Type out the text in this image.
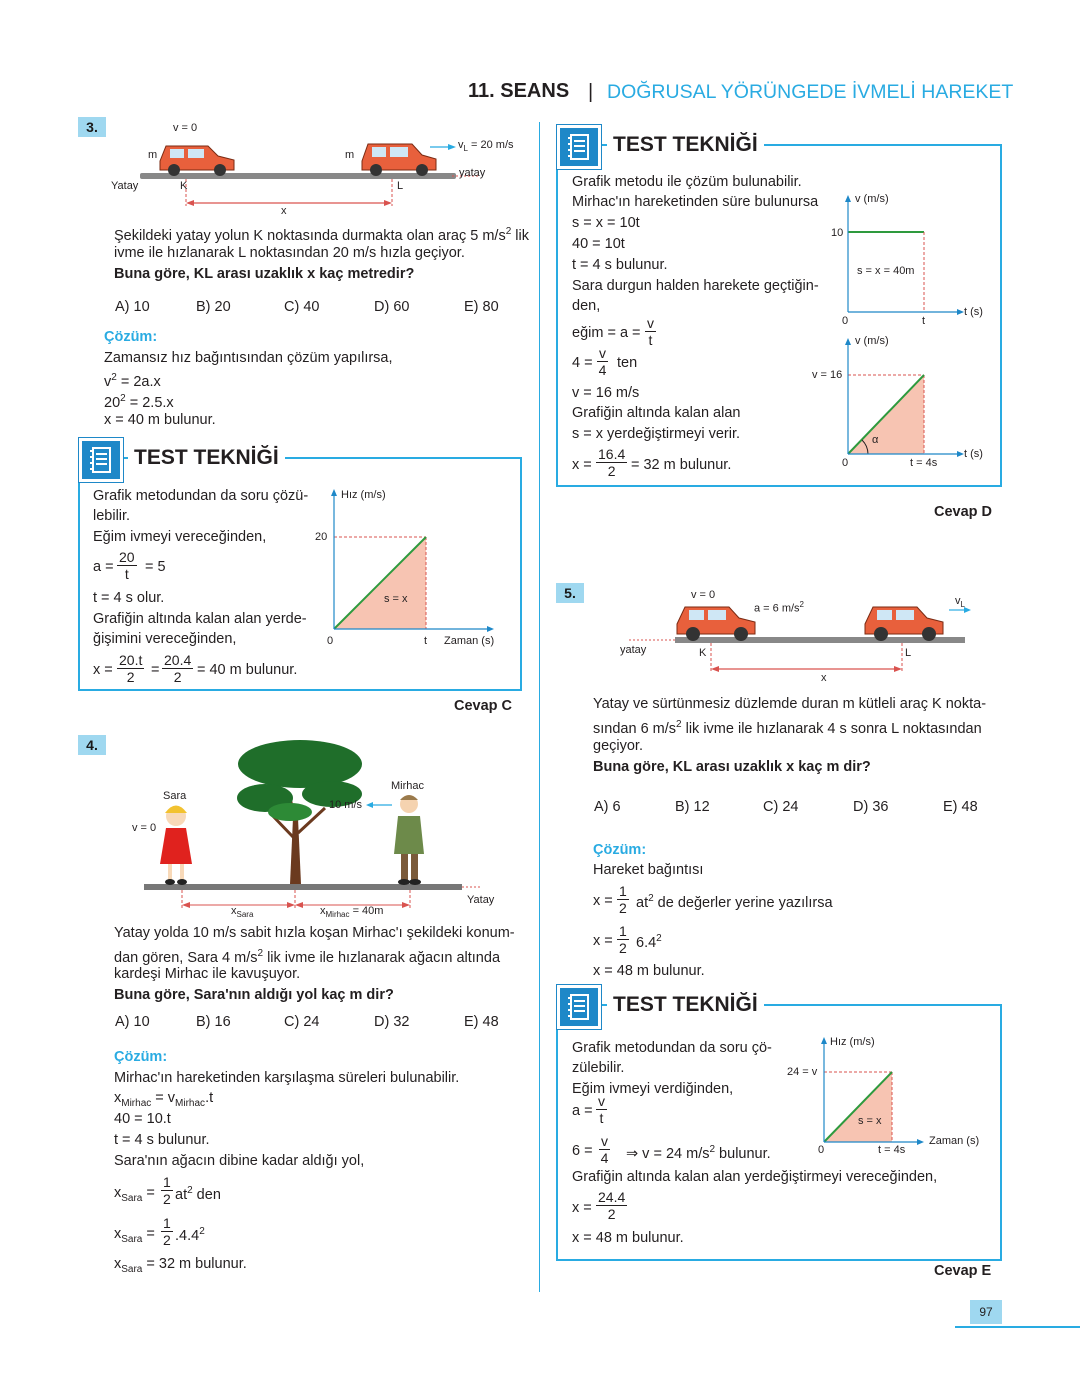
11. SEANS | DOĞRUSAL YÖRÜNGEDE İVMELİ HAREKET
3.	v = 0
m	m
$v_L = 20$ m/s
yatay
Yatay	K	L
x
Şekildeki yatay yolun K noktasında durmakta olan araç 5 $m/s^2$ lik
ivme ile hızlanarak L noktasından 20 m/s hızla geçiyor.
Buna göre, KL arası uzaklık x kaç metredir?
A) 10	B) 20	C) 40	D) 60	E) 80
Çözüm:
Zamansız hız bağıntısından çözüm yapılırsa,
$v^2 = 2a.x$
$20^2 = 2.5.x$
x = 40 m bulunur.
TEST TEKNİĞİ
Grafik metodundan da soru çözü-
lebilir.
Eğim ivmeyi vereceğinden,
$a = \frac{20}{t} = 5$
t = 4 s olur.
Grafiğin altında kalan alan yerde-
ğişimini vereceğinden,
$x = \frac{20.t}{2} = \frac{20.4}{2} = 40$ m bulunur.
Hız (m/s)
20
s = x
0	t Zaman (s)
Cevap C
4.
Sara
Mirhac
v = 0
10 m/s
Yatay
$x_{Sara}$	$x_{Mirhac} = 40m$
Yatay yolda 10 m/s sabit hızla koşan Mirhac'ı şekildeki konum-
dan gören, Sara 4 $m/s^2$ lik ivme ile hızlanarak ağacın altında
kardeşi Mirhac ile kavuşuyor.
Buna göre, Sara'nın aldığı yol kaç m dir?
A) 10	B) 16	C) 24	D) 32	E) 48
Çözüm:
Mirhac'ın hareketinden karşılaşma süreleri bulunabilir.
$x_{Mirhac} = v_{Mirhac}.t$
40 = 10.t
t = 4 s bulunur.
Sara'nın ağacın dibine kadar aldığı yol,
$x_{Sara} = \frac{1}{2} at^2$ den
$x_{Sara} = \frac{1}{2} .4.4^2$
$x_{Sara} = 32$ m bulunur.
TEST TEKNİĞİ
Grafik metodu ile çözüm bulunabilir.
Mirhac'ın hareketinden süre bulunursa
s = x = 10t
40 = 10t
t = 4 s bulunur.
Sara durgun halden harekete geçtiğin-
den,
eğim = $a = \frac{v}{t}$
$4 = \frac{v}{4}$ ten
v = 16 m/s
Grafiğin altında kalan alan
s = x yerdeğiştirmeyi verir.
$x = \frac{16.4}{2} = 32$ m bulunur.
v (m/s)
10
s = x = 40m
0	t
t (s)
v (m/s)
v = 16
α
0	t = 4s
t (s)
Cevap D
5.	v = 0
a = 6 $m/s^2$	$v_L$
yatay	K	L
x
Yatay ve sürtünmesiz düzlemde duran m kütleli araç K nokta-
sından 6 $m/s^2$ lik ivme ile hızlanarak 4 s sonra L noktasından
geçiyor.
Buna göre, KL arası uzaklık x kaç m dir?
A) 6	B) 12	C) 24	D) 36	E) 48
Çözüm:
Hareket bağıntısı
$x = \frac{1}{2} at^2$ de değerler yerine yazılırsa
$x = \frac{1}{2} 6.4^2$
x = 48 m bulunur.
TEST TEKNİĞİ
Grafik metodundan da soru çö-
zülebilir.
Eğim ivmeyi verdiğinden,
$a = \frac{v}{t}$
$6 = \frac{v}{4}$ ⇒ v = 24 $m/s^2$ bulunur.
Grafiğin altında kalan alan yerdeğiştirmeyi vereceğinden,
$x = \frac{24.4}{2}$
x = 48 m bulunur.
Hız (m/s)
24 = v
s = x
0	t = 4s
Zaman (s)
Cevap E
97
